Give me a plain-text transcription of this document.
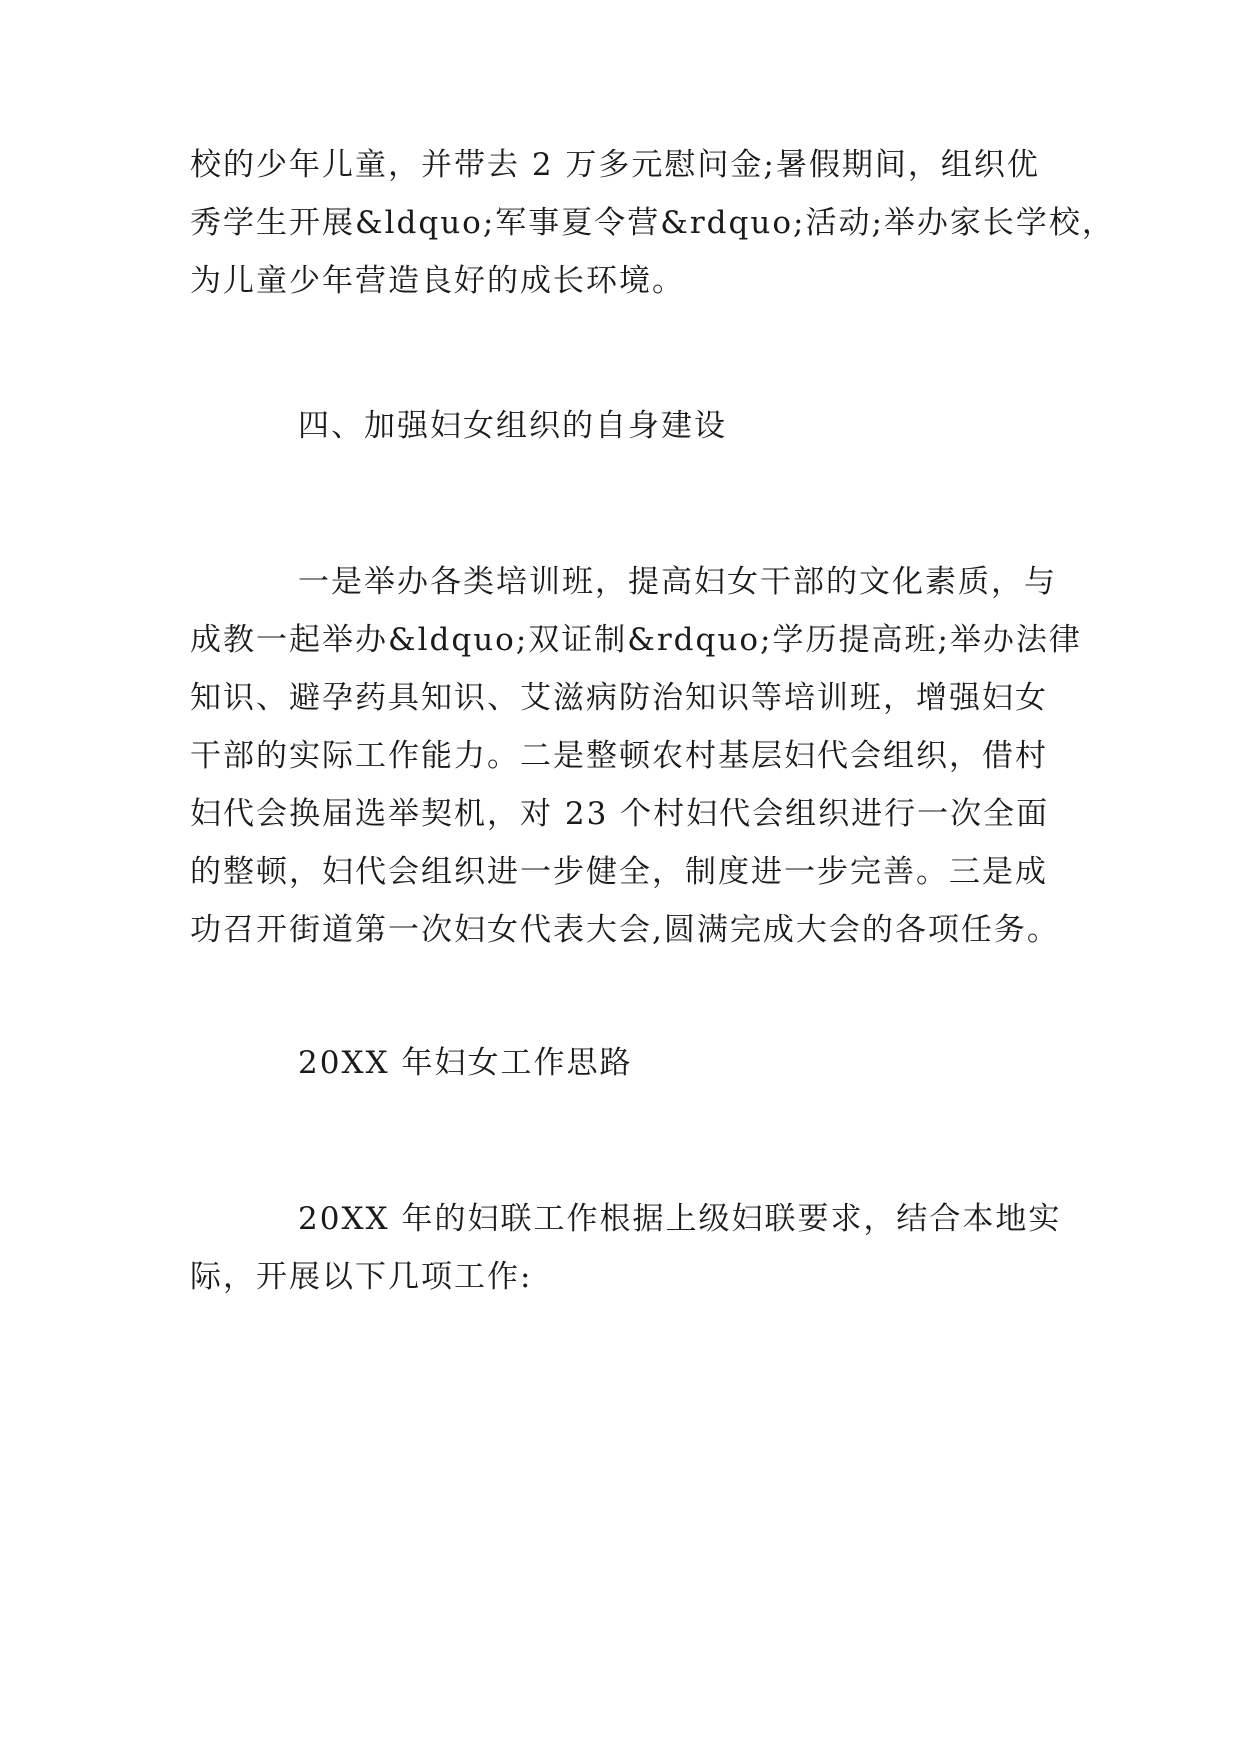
校的少年儿童，并带去 2 万多元慰问金;暑假期间，组织优
秀学生开展&ldquo;军事夏令营&rdquo;活动;举办家长学校，
为儿童少年营造良好的成长环境。
四、加强妇女组织的自身建设
一是举办各类培训班，提高妇女干部的文化素质，与
成教一起举办&ldquo;双证制&rdquo;学历提高班;举办法律
知识、避孕药具知识、艾滋病防治知识等培训班，增强妇女
干部的实际工作能力。二是整顿农村基层妇代会组织，借村
妇代会换届选举契机，对 23 个村妇代会组织进行一次全面
的整顿，妇代会组织进一步健全，制度进一步完善。三是成
功召开街道第一次妇女代表大会,圆满完成大会的各项任务。
20XX 年妇女工作思路
20XX 年的妇联工作根据上级妇联要求，结合本地实
际，开展以下几项工作:
